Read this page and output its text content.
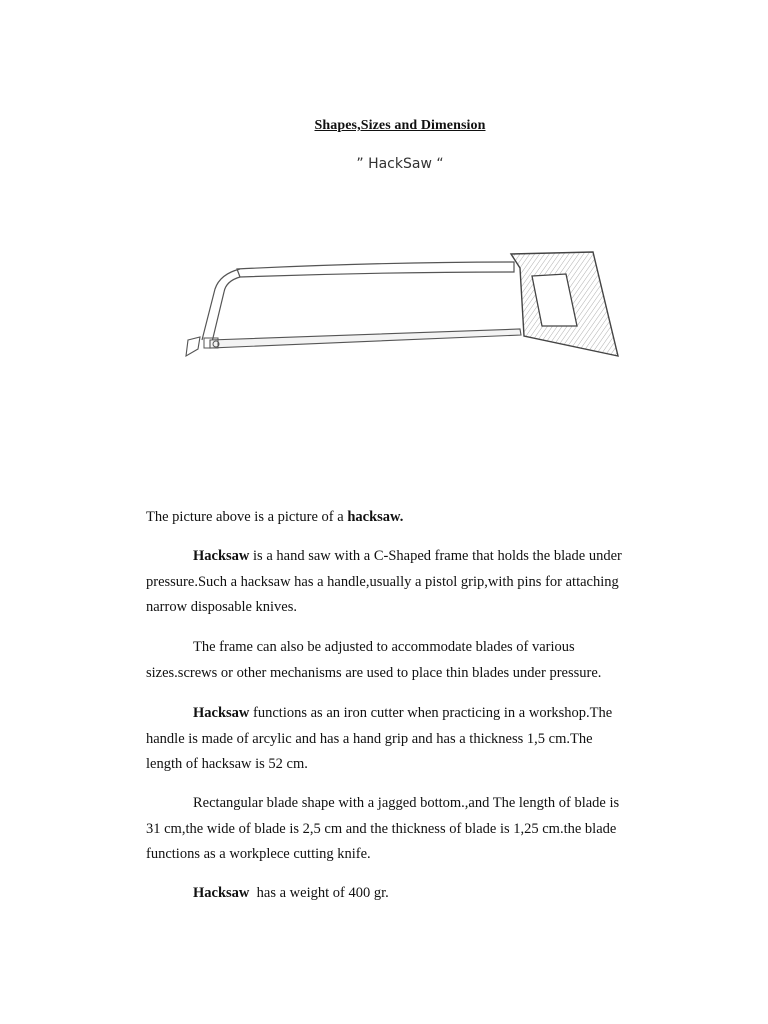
Shapes,Sizes and Dimension
” HackSaw “
The picture above is a picture of a hacksaw.
Hacksaw is a hand saw with a C-Shaped frame that holds the blade under
pressure.Such a hacksaw has a handle,usually a pistol grip,with pins for attaching
narrow disposable knives.
The frame can also be adjusted to accommodate blades of various
sizes.screws or other mechanisms are used to place thin blades under pressure.
Hacksaw functions as an iron cutter when practicing in a workshop.The
handle is made of arcylic and has a hand grip and has a thickness 1,5 cm.The
length of hacksaw is 52 cm.
Rectangular blade shape with a jagged bottom.,and The length of blade is
31 cm,the wide of blade is 2,5 cm and the thickness of blade is 1,25 cm.the blade
functions as a workplece cutting knife.
Hacksaw  has a weight of 400 gr.
